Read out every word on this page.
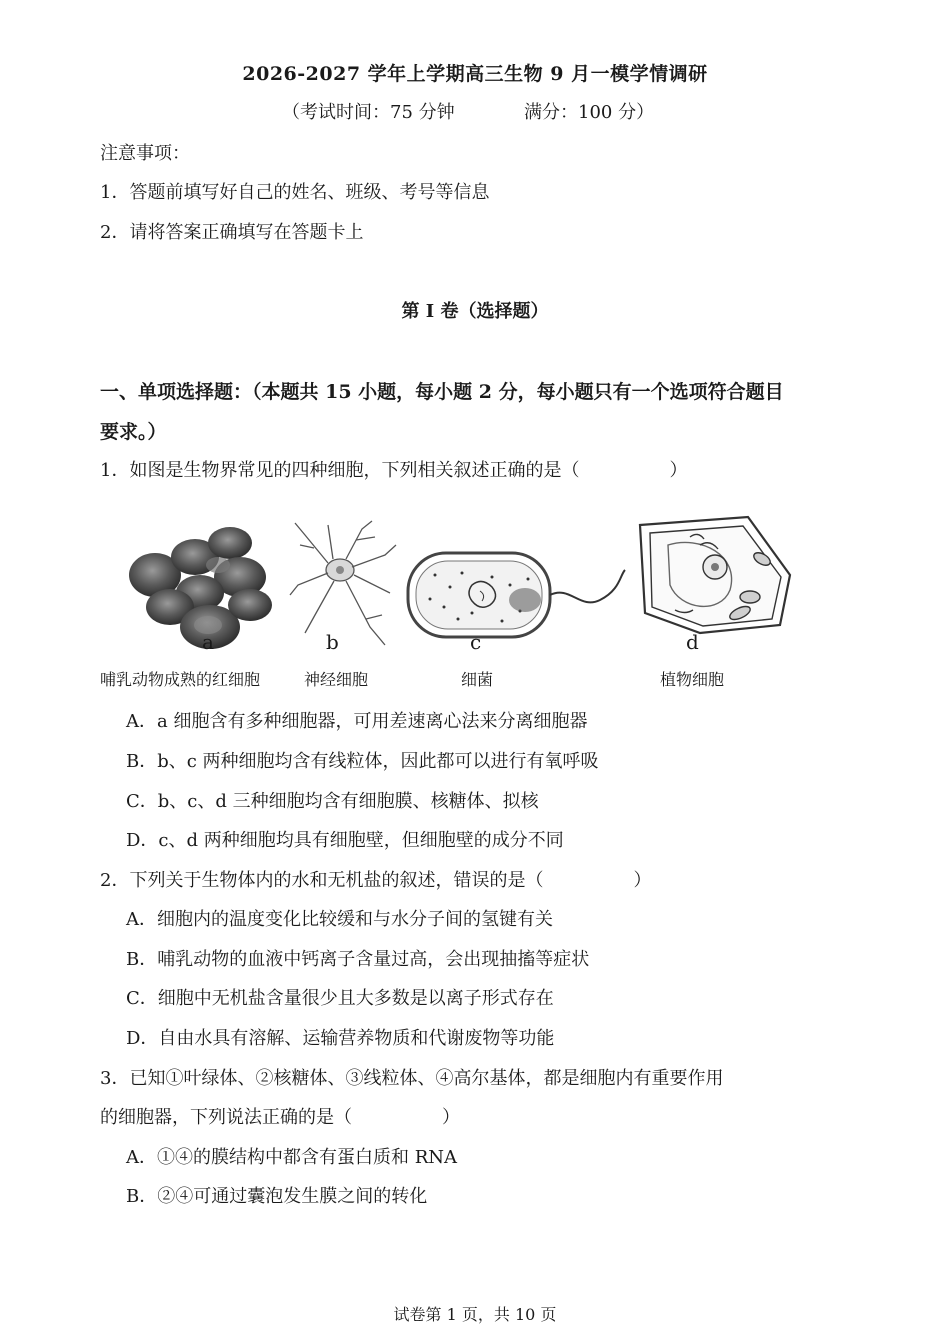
2026-2027 学年上学期高三生物 9 月一模学情调研
（考试时间：75 分钟	满分：100 分）
注意事项：
1．答题前填写好自己的姓名、班级、考号等信息
2．请将答案正确填写在答题卡上
第 I 卷（选择题）
一、单项选择题：（本题共 15 小题，每小题 2 分，每小题只有一个选项符合题目
要求。）
1．如图是生物界常见的四种细胞，下列相关叙述正确的是（　　　　　）
a	b	c	d
哺乳动物成熟的红细胞	神经细胞	细菌	植物细胞
A．a 细胞含有多种细胞器，可用差速离心法来分离细胞器
B．b、c 两种细胞均含有线粒体，因此都可以进行有氧呼吸
C．b、c、d 三种细胞均含有细胞膜、核糖体、拟核
D．c、d 两种细胞均具有细胞壁，但细胞壁的成分不同
2．下列关于生物体内的水和无机盐的叙述，错误的是（　　　　　）
A．细胞内的温度变化比较缓和与水分子间的氢键有关
B．哺乳动物的血液中钙离子含量过高，会出现抽搐等症状
C．细胞中无机盐含量很少且大多数是以离子形式存在
D．自由水具有溶解、运输营养物质和代谢废物等功能
3．已知①叶绿体、②核糖体、③线粒体、④高尔基体，都是细胞内有重要作用
的细胞器，下列说法正确的是（　　　　　）
A．①④的膜结构中都含有蛋白质和 RNA
B．②④可通过囊泡发生膜之间的转化
试卷第 1 页，共 10 页
